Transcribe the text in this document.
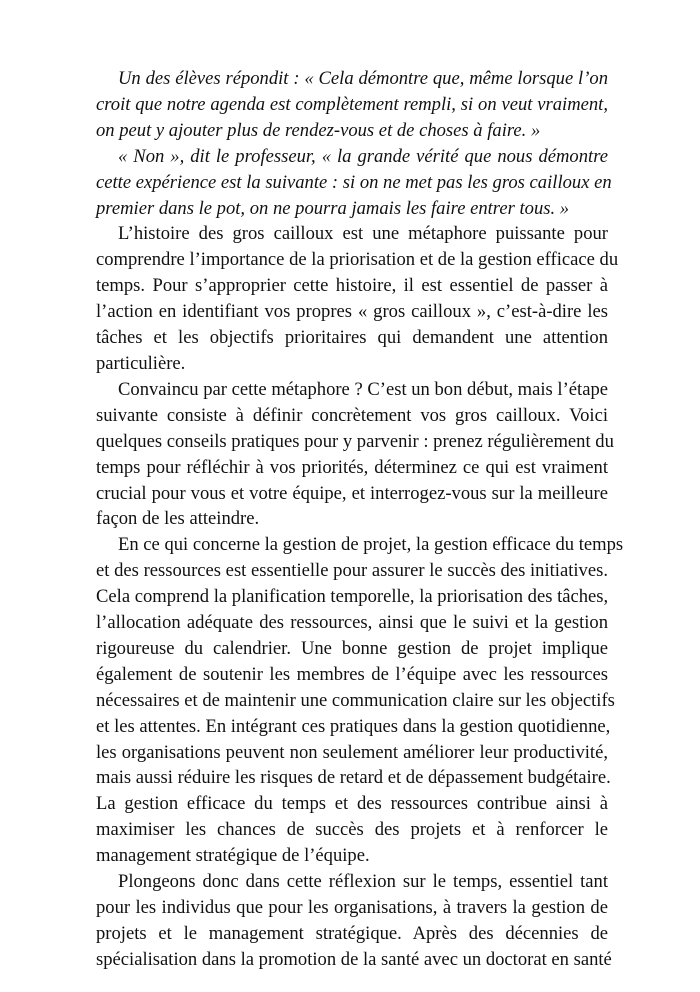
Un des élèves répondit : « Cela démontre que, même lorsque l’on
croit que notre agenda est complètement rempli, si on veut vraiment,
on peut y ajouter plus de rendez-vous et de choses à faire. »

« Non », dit le professeur, « la grande vérité que nous démontre
cette expérience est la suivante : si on ne met pas les gros cailloux en
premier dans le pot, on ne pourra jamais les faire entrer tous. »

L’histoire des gros cailloux est une métaphore puissante pour
comprendre l’importance de la priorisation et de la gestion efficace du
temps. Pour s’approprier cette histoire, il est essentiel de passer à
l’action en identifiant vos propres « gros cailloux », c’est-à-dire les
tâches et les objectifs prioritaires qui demandent une attention
particulière.

Convaincu par cette métaphore ? C’est un bon début, mais l’étape
suivante consiste à définir concrètement vos gros cailloux. Voici
quelques conseils pratiques pour y parvenir : prenez régulièrement du
temps pour réfléchir à vos priorités, déterminez ce qui est vraiment
crucial pour vous et votre équipe, et interrogez-vous sur la meilleure
façon de les atteindre.

En ce qui concerne la gestion de projet, la gestion efficace du temps
et des ressources est essentielle pour assurer le succès des initiatives.
Cela comprend la planification temporelle, la priorisation des tâches,
l’allocation adéquate des ressources, ainsi que le suivi et la gestion
rigoureuse du calendrier. Une bonne gestion de projet implique
également de soutenir les membres de l’équipe avec les ressources
nécessaires et de maintenir une communication claire sur les objectifs
et les attentes. En intégrant ces pratiques dans la gestion quotidienne,
les organisations peuvent non seulement améliorer leur productivité,
mais aussi réduire les risques de retard et de dépassement budgétaire.
La gestion efficace du temps et des ressources contribue ainsi à
maximiser les chances de succès des projets et à renforcer le
management stratégique de l’équipe.

Plongeons donc dans cette réflexion sur le temps, essentiel tant
pour les individus que pour les organisations, à travers la gestion de
projets et le management stratégique. Après des décennies de
spécialisation dans la promotion de la santé avec un doctorat en santé
